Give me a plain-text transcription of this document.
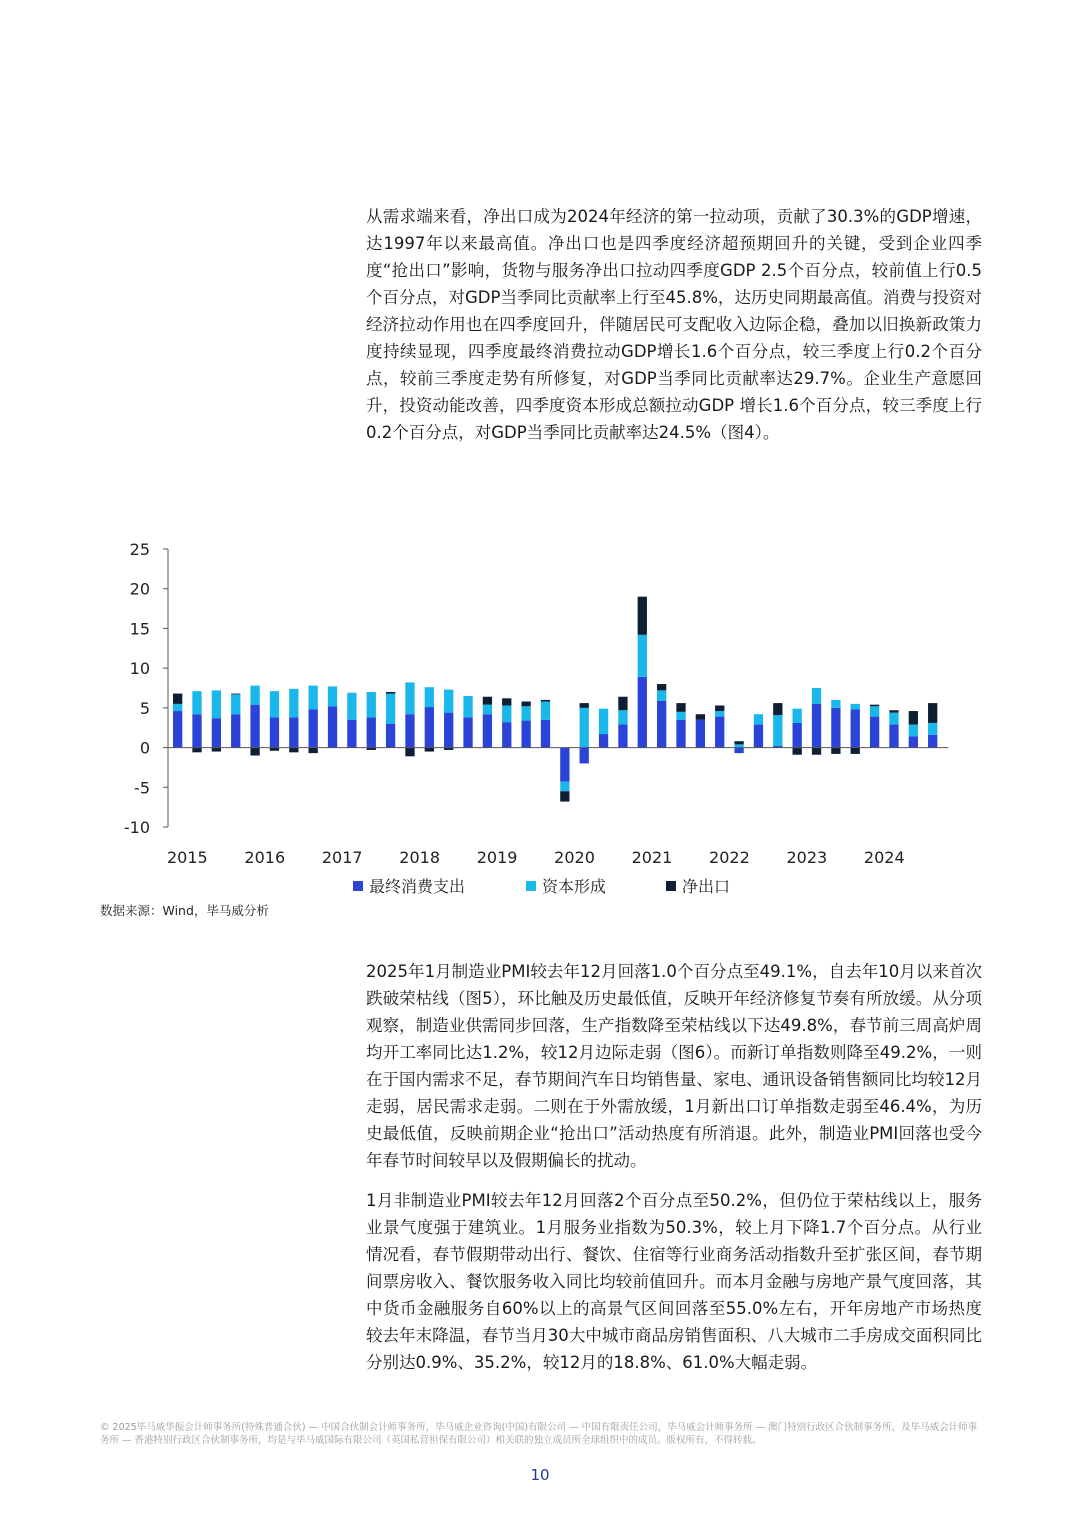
从需求端来看，净出口成为2024年经济的第一拉动项，贡献了30.3%的GDP增速，达1997年以来最高值。净出口也是四季度经济超预期回升的关键，受到企业四季度“抢出口”影响，货物与服务净出口拉动四季度GDP 2.5个百分点，较前值上行0.5个百分点，对GDP当季同比贡献率上行至45.8%，达历史同期最高值。消费与投资对经济拉动作用也在四季度回升，伴随居民可支配收入边际企稳，叠加以旧换新政策力度持续显现，四季度最终消费拉动GDP增长1.6个百分点，较三季度上行0.2个百分点，较前三季度走势有所修复，对GDP当季同比贡献率达29.7%。企业生产意愿回升，投资动能改善，四季度资本形成总额拉动GDP 增长1.6个百分点，较三季度上行0.2个百分点，对GDP当季同比贡献率达24.5%（图4）。

25
20
15
10
5
0
-5
-10
2015 2016 2017 2018 2019 2020 2021 2022 2023 2024
最终消费支出	资本形成	净出口

数据来源：Wind，毕马威分析

2025年1月制造业PMI较去年12月回落1.0个百分点至49.1%，自去年10月以来首次跌破荣枯线（图5），环比触及历史最低值，反映开年经济修复节奏有所放缓。从分项观察，制造业供需同步回落，生产指数降至荣枯线以下达49.8%，春节前三周高炉周均开工率同比达1.2%，较12月边际走弱（图6）。而新订单指数则降至49.2%，一则在于国内需求不足，春节期间汽车日均销售量、家电、通讯设备销售额同比均较12月走弱，居民需求走弱。二则在于外需放缓，1月新出口订单指数走弱至46.4%，为历史最低值，反映前期企业“抢出口”活动热度有所消退。此外，制造业PMI回落也受今年春节时间较早以及假期偏长的扰动。

1月非制造业PMI较去年12月回落2个百分点至50.2%，但仍位于荣枯线以上，服务业景气度强于建筑业。1月服务业指数为50.3%，较上月下降1.7个百分点。从行业情况看，春节假期带动出行、餐饮、住宿等行业商务活动指数升至扩张区间，春节期间票房收入、餐饮服务收入同比均较前值回升。而本月金融与房地产景气度回落，其中货币金融服务自60%以上的高景气区间回落至55.0%左右，开年房地产市场热度较去年末降温，春节当月30大中城市商品房销售面积、八大城市二手房成交面积同比分别达0.9%、35.2%，较12月的18.8%、61.0%大幅走弱。

© 2025毕马威华振会计师事务所(特殊普通合伙) — 中国合伙制会计师事务所，毕马威企业咨询(中国)有限公司 — 中国有限责任公司，毕马威会计师事务所 — 澳门特别行政区合伙制事务所，及毕马威会计师事务所 — 香港特别行政区合伙制事务所，均是与毕马威国际有限公司（英国私营担保有限公司）相关联的独立成员所全球组织中的成员。版权所有，不得转载。

10
